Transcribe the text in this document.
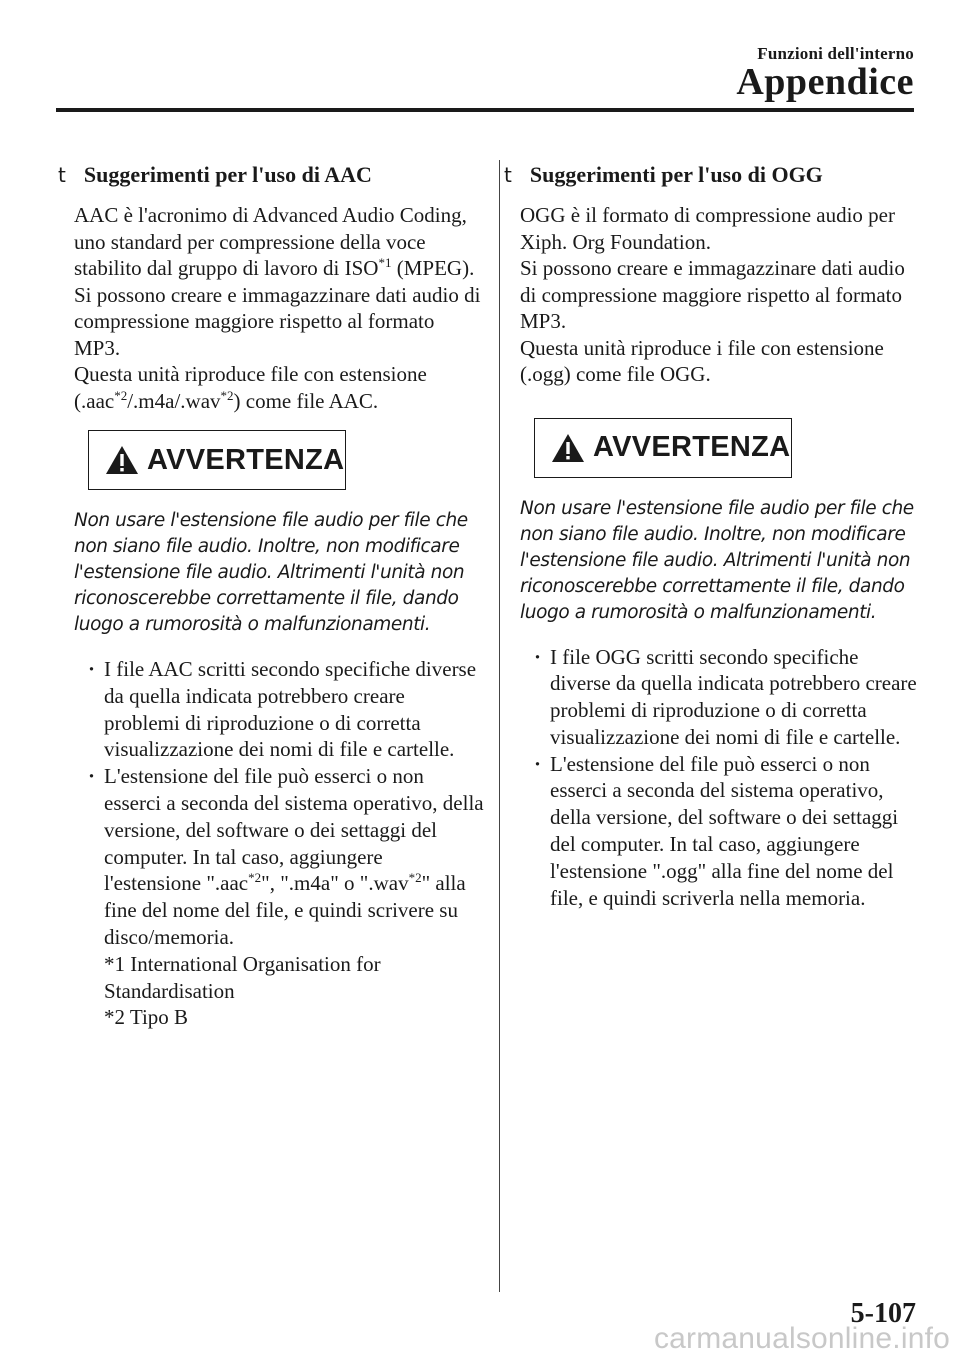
Funzioni dell'interno
Appendice
t Suggerimenti per l'uso di AAC

AAC è l'acronimo di Advanced Audio Coding, uno standard per compressione della voce stabilito dal gruppo di lavoro di ISO$^{*1}$ (MPEG). Si possono creare e immagazzinare dati audio di compressione maggiore rispetto al formato MP3.

Questa unità riproduce file con estensione (.aac$^{*2}$/.m4a/.wav$^{*2}$) come file AAC.

AVVERTENZA
Non usare l'estensione file audio per file che non siano file audio. Inoltre, non modificare l'estensione file audio. Altrimenti l'unità non riconoscerebbe correttamente il file, dando luogo a rumorosità o malfunzionamenti.
· I file AAC scritti secondo specifiche diverse da quella indicata potrebbero creare problemi di riproduzione o di corretta visualizzazione dei nomi di file e cartelle.
· L'estensione del file può esserci o non esserci a seconda del sistema operativo, della versione, del software o dei settaggi del computer. In tal caso, aggiungere l'estensione ".aac$^{*2}$", ".m4a" o ".wav$^{*2}$" alla fine del nome del file, e quindi scrivere su disco/memoria.
*1 International Organisation for Standardisation
*2 Tipo B
t Suggerimenti per l'uso di OGG

OGG è il formato di compressione audio per Xiph. Org Foundation.

Si possono creare e immagazzinare dati audio di compressione maggiore rispetto al formato MP3.

Questa unità riproduce i file con estensione (.ogg) come file OGG.

AVVERTENZA
Non usare l'estensione file audio per file che non siano file audio. Inoltre, non modificare l'estensione file audio. Altrimenti l'unità non riconoscerebbe correttamente il file, dando luogo a rumorosità o malfunzionamenti.
· I file OGG scritti secondo specifiche diverse da quella indicata potrebbero creare problemi di riproduzione o di corretta visualizzazione dei nomi di file e cartelle.
· L'estensione del file può esserci o non esserci a seconda del sistema operativo, della versione, del software o dei settaggi del computer. In tal caso, aggiungere l'estensione ".ogg" alla fine del nome del file, e quindi scriverla nella memoria.
5-107
carmanualsonline.info
